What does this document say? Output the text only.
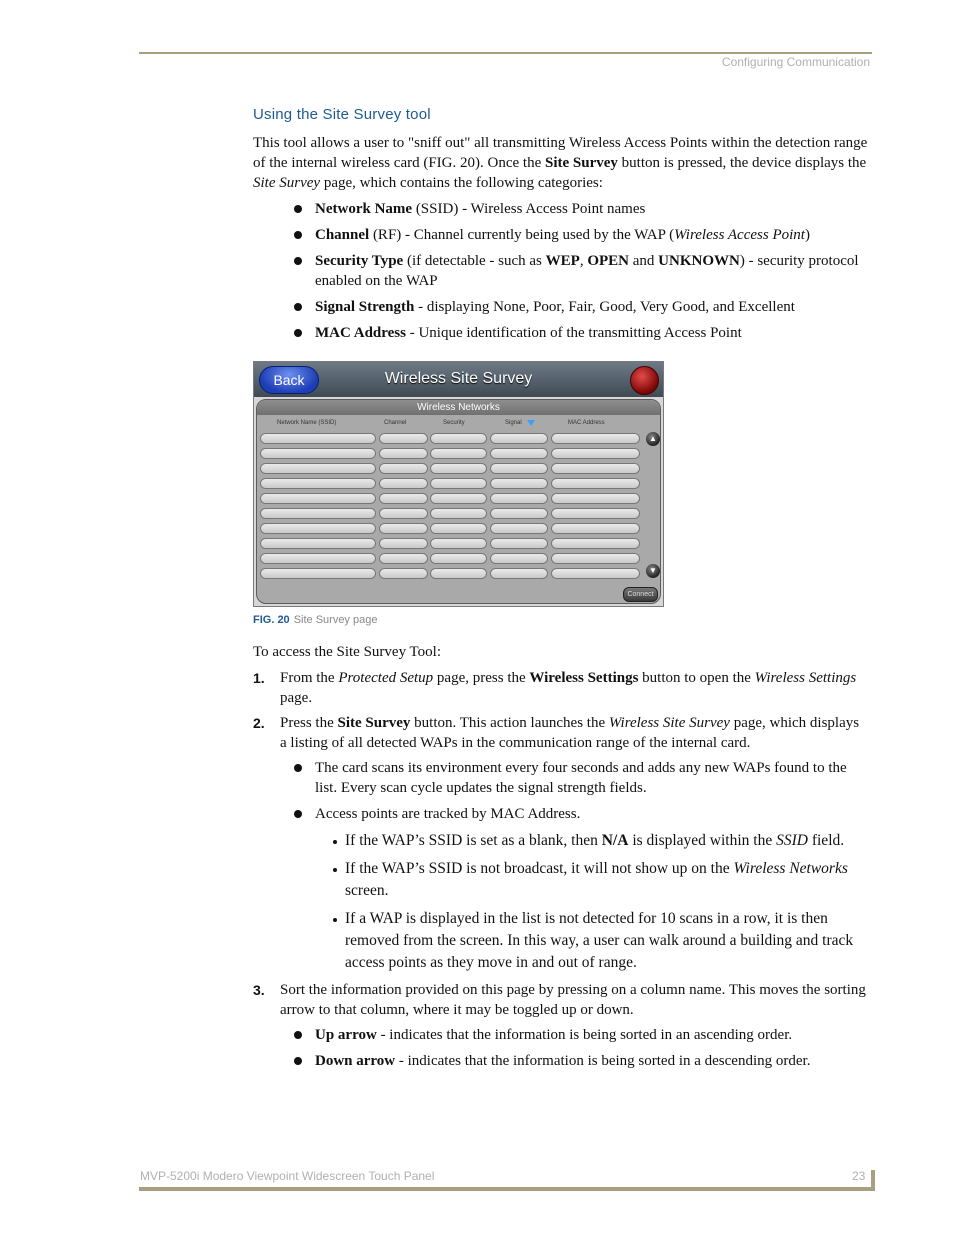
Configuring Communication
Using the Site Survey tool

This tool allows a user to "sniff out" all transmitting Wireless Access Points within the detection range of the internal wireless card (FIG. 20). Once the Site Survey button is pressed, the device displays the Site Survey page, which contains the following categories:

Network Name (SSID) - Wireless Access Point names
Channel (RF) - Channel currently being used by the WAP (Wireless Access Point)
Security Type (if detectable - such as WEP, OPEN and UNKNOWN) - security protocol enabled on the WAP
Signal Strength - displaying None, Poor, Fair, Good, Very Good, and Excellent
MAC Address - Unique identification of the transmitting Access Point
Back	Wireless Site Survey
Wireless Networks
Network Name (SSID)	Channel	Security	Signal	MAC Address
▲
▼
Connect
FIG. 20 Site Survey page

To access the Site Survey Tool:

1. From the Protected Setup page, press the Wireless Settings button to open the Wireless Settings page.
2. Press the Site Survey button. This action launches the Wireless Site Survey page, which displays a listing of all detected WAPs in the communication range of the internal card.
The card scans its environment every four seconds and adds any new WAPs found to the list. Every scan cycle updates the signal strength fields.
Access points are tracked by MAC Address.
If the WAP’s SSID is set as a blank, then N/A is displayed within the SSID field.
If the WAP’s SSID is not broadcast, it will not show up on the Wireless Networks screen.
If a WAP is displayed in the list is not detected for 10 scans in a row, it is then removed from the screen. In this way, a user can walk around a building and track access points as they move in and out of range.
3. Sort the information provided on this page by pressing on a column name. This moves the sorting arrow to that column, where it may be toggled up or down.
Up arrow - indicates that the information is being sorted in an ascending order.
Down arrow - indicates that the information is being sorted in a descending order.
MVP-5200i Modero Viewpoint Widescreen Touch Panel	23
